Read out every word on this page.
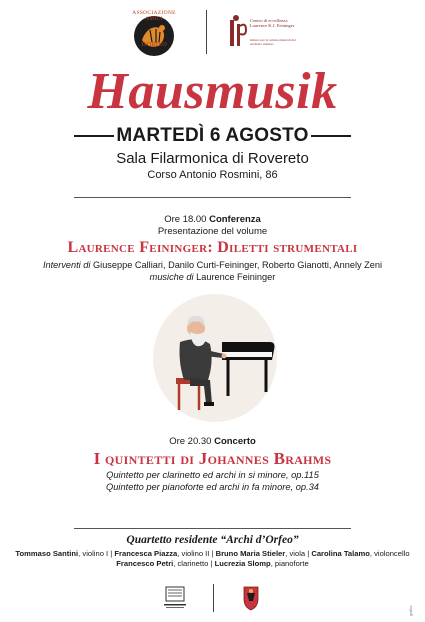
ASSOCIAZIONE AMICI
D'ORFEO
Centro di eccellenza
Laurence K.J. Feininger
Istituto per le culture musicali del territorio trentino
Hausmusik
MARTEDÌ 6 AGOSTO
Sala Filarmonica di Rovereto
Corso Antonio Rosmini, 86
Ore 18.00 Conferenza
Presentazione del volume
Laurence Feininger: Diletti strumentali
Interventi di Giuseppe Calliari, Danilo Curti-Feininger, Roberto Gianotti, Annely Zeni
musiche di Laurence Feininger
Ore 20.30 Concerto
I quintetti di Johannes Brahms
Quintetto per clarinetto ed archi in si minore, op.115
Quintetto per pianoforte ed archi in fa minore, op.34
Quartetto residente “Archi d’Orfeo”
Tommaso Santini, violino I | Francesca Piazza, violino II | Bruno Maria Stieler, viola | Carolina Talamo, violoncello
Francesco Petri, clarinetto | Lucrezia Slomp, pianoforte
grafica
